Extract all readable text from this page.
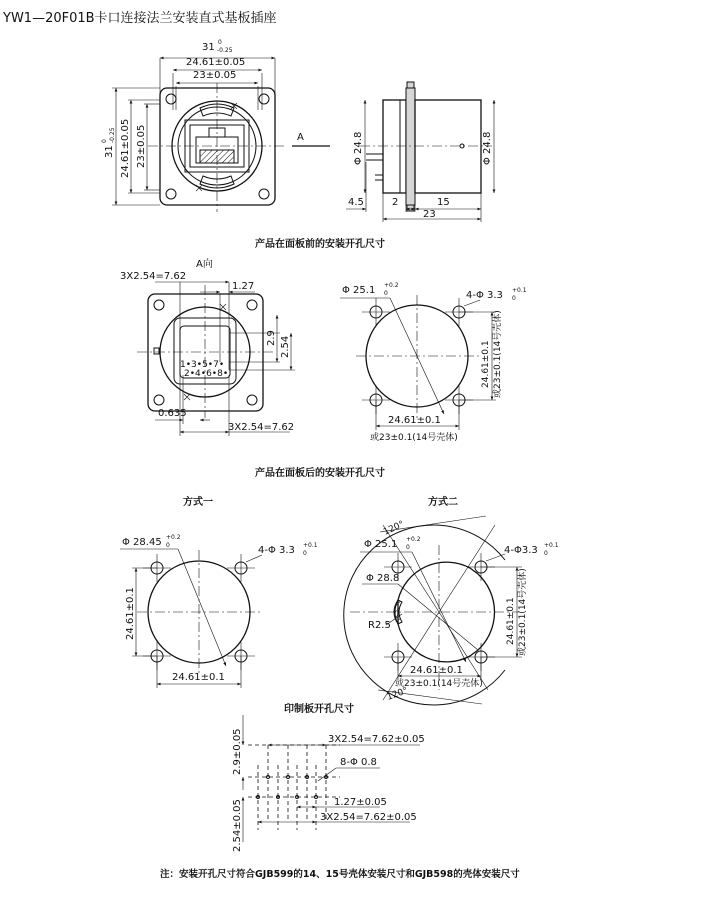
YW1—20F01B卡口连接法兰安装直式基板插座
31 0
-0.25
24.61±0.05
23±0.05
31
0 -0.25 24.61±0.05 23±0.05	A	Φ 24.8	Φ 24.8
4.5	2	15
23
产品在面板前的安装开孔尺寸
A向
3X2.54=7.62
1.27
2.9 2.54
0.635
3X2.54=7.62
1•3•5•7•
2•4•6•8•
Φ 25.1 +0.2
0	4-Φ 3.3 +0.1
0
24.61±0.1 或23±0.1(14号壳体)
24.61±0.1
或23±0.1(14号壳体)
产品在面板后的安装开孔尺寸
方式一
Φ 28.45 +0.2
0	4-Φ 3.3 +0.1
0
24.61±0.1
24.61±0.1
方式二
120°
120°
Φ 25.1 +0.2
0	4-Φ3.3 +0.1
0
Φ 28.8
R2.5	24.61±0.1 或23±0.1(14号壳体)
24.61±0.1
或23±0.1(14号壳体)
印制板开孔尺寸
2.9±0.05
2.54±0.05
3X2.54=7.62±0.05
8-Φ 0.8
1.27±0.05
3X2.54=7.62±0.05
注：安装开孔尺寸符合GJB599的14、15号壳体安装尺寸和GJB598的壳体安装尺寸
